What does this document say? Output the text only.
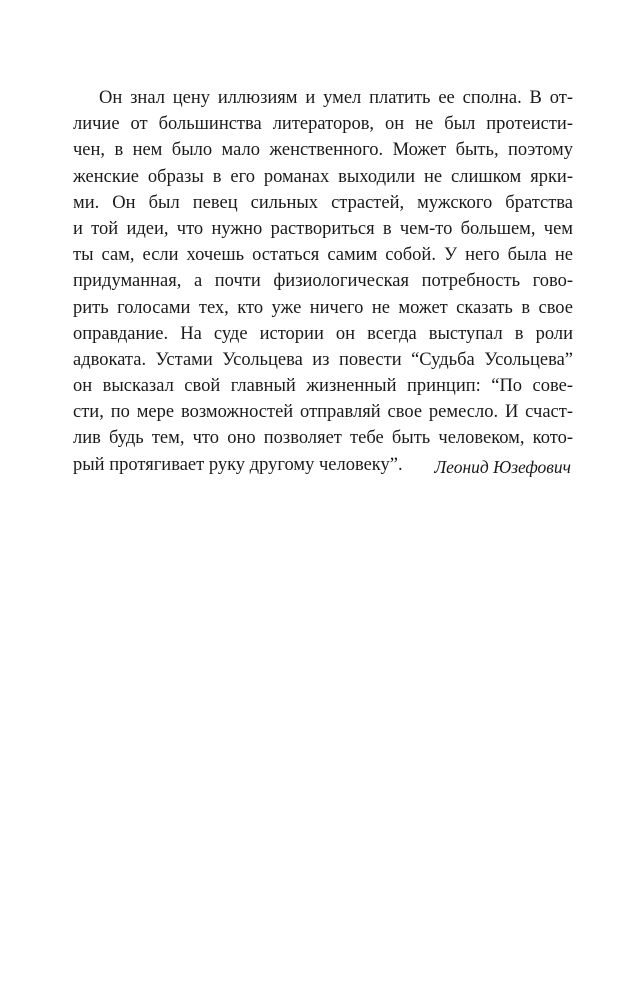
Он знал цену иллюзиям и умел платить ее сполна. В от-
личие от большинства литераторов, он не был протеисти-
чен, в нем было мало женственного. Может быть, поэтому
женские образы в его романах выходили не слишком ярки-
ми. Он был певец сильных страстей, мужского братства
и той идеи, что нужно раствориться в чем-то большем, чем
ты сам, если хочешь остаться самим собой. У него была не
придуманная, а почти физиологическая потребность гово-
рить голосами тех, кто уже ничего не может сказать в свое
оправдание. На суде истории он всегда выступал в роли
адвоката. Устами Усольцева из повести “Судьба Усольцева”
он высказал свой главный жизненный принцип: “По сове-
сти, по мере возможностей отправляй свое ремесло. И счаст-
лив будь тем, что оно позволяет тебе быть человеком, кото-
рый протягивает руку другому человеку”.	Леонид Юзефович
